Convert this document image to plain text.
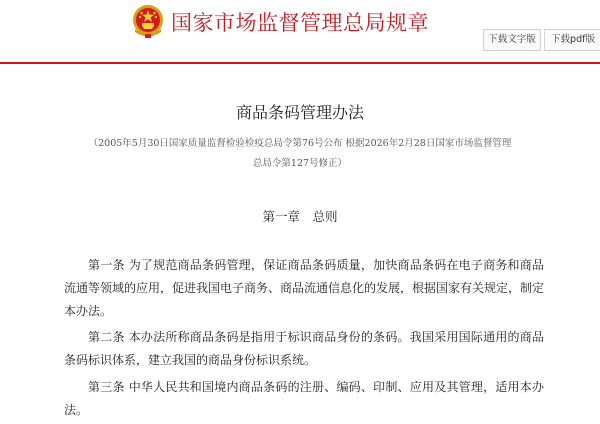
国家市场监督管理总局规章
下载文字版	下载pdf版
商品条码管理办法
（2005年5月30日国家质量监督检验检疫总局令第76号公布 根据2026年2月28日国家市场监督管理
总局令第127号修正）
第一章　总则
第一条 为了规范商品条码管理，保证商品条码质量，加快商品条码在电子商务和商品流通等领域的应用，促进我国电子商务、商品流通信息化的发展，根据国家有关规定，制定本办法。
第二条 本办法所称商品条码是指用于标识商品身份的条码。我国采用国际通用的商品条码标识体系，建立我国的商品身份标识系统。
第三条 中华人民共和国境内商品条码的注册、编码、印制、应用及其管理，适用本办法。
